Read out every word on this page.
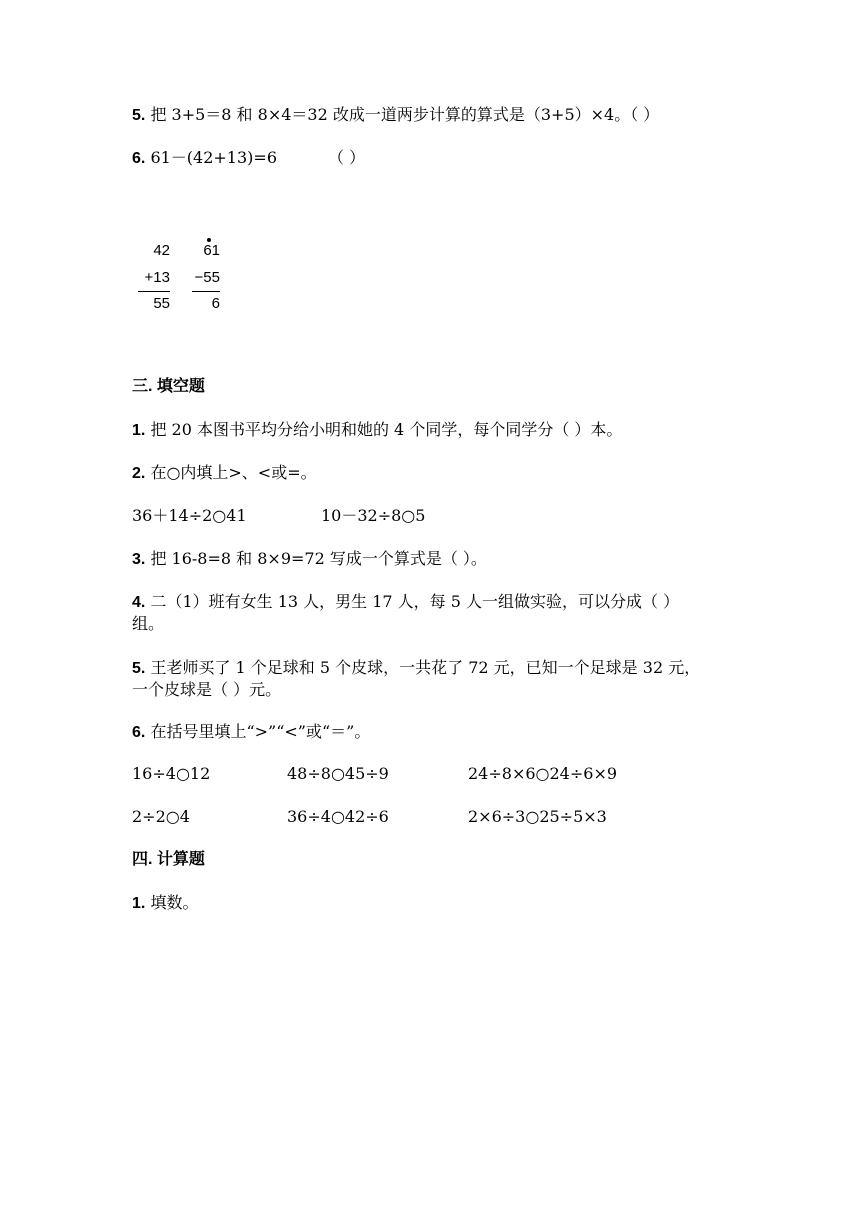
5. 把 3+5＝8 和 8×4＝32 改成一道两步计算的算式是（3+5）×4。（ ）
6. 61－(42+13)=6	（ ）
42
+13
55
61
−55
6
三. 填空题
1. 把 20 本图书平均分给小明和她的 4 个同学，每个同学分（ ）本。
2. 在○内填上>、<或=。
36＋14÷2○41	10－32÷8○5
3. 把 16-8=8 和 8×9=72 写成一个算式是（ ）。
4. 二（1）班有女生 13 人，男生 17 人，每 5 人一组做实验，可以分成（ ）
组。
5. 王老师买了 1 个足球和 5 个皮球，一共花了 72 元，已知一个足球是 32 元，
一个皮球是（ ）元。
6. 在括号里填上“>”“<”或“＝”。
16÷4○12	48÷8○45÷9	24÷8×6○24÷6×9
2÷2○4	36÷4○42÷6	2×6÷3○25÷5×3
四. 计算题
1. 填数。
